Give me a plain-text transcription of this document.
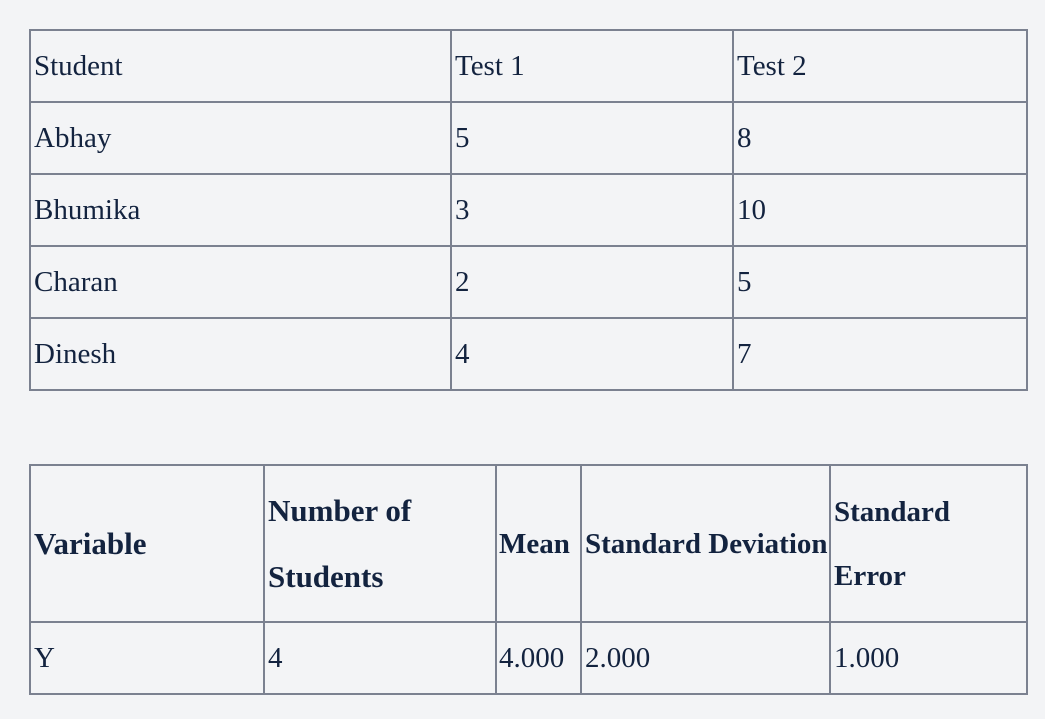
Student	Test 1	Test 2
Abhay	5	8
Bhumika	3	10
Charan	2	5
Dinesh	4	7
Variable	Number of Students	Mean	Standard Deviation	Standard Error
Y	4	4.000	2.000	1.000
